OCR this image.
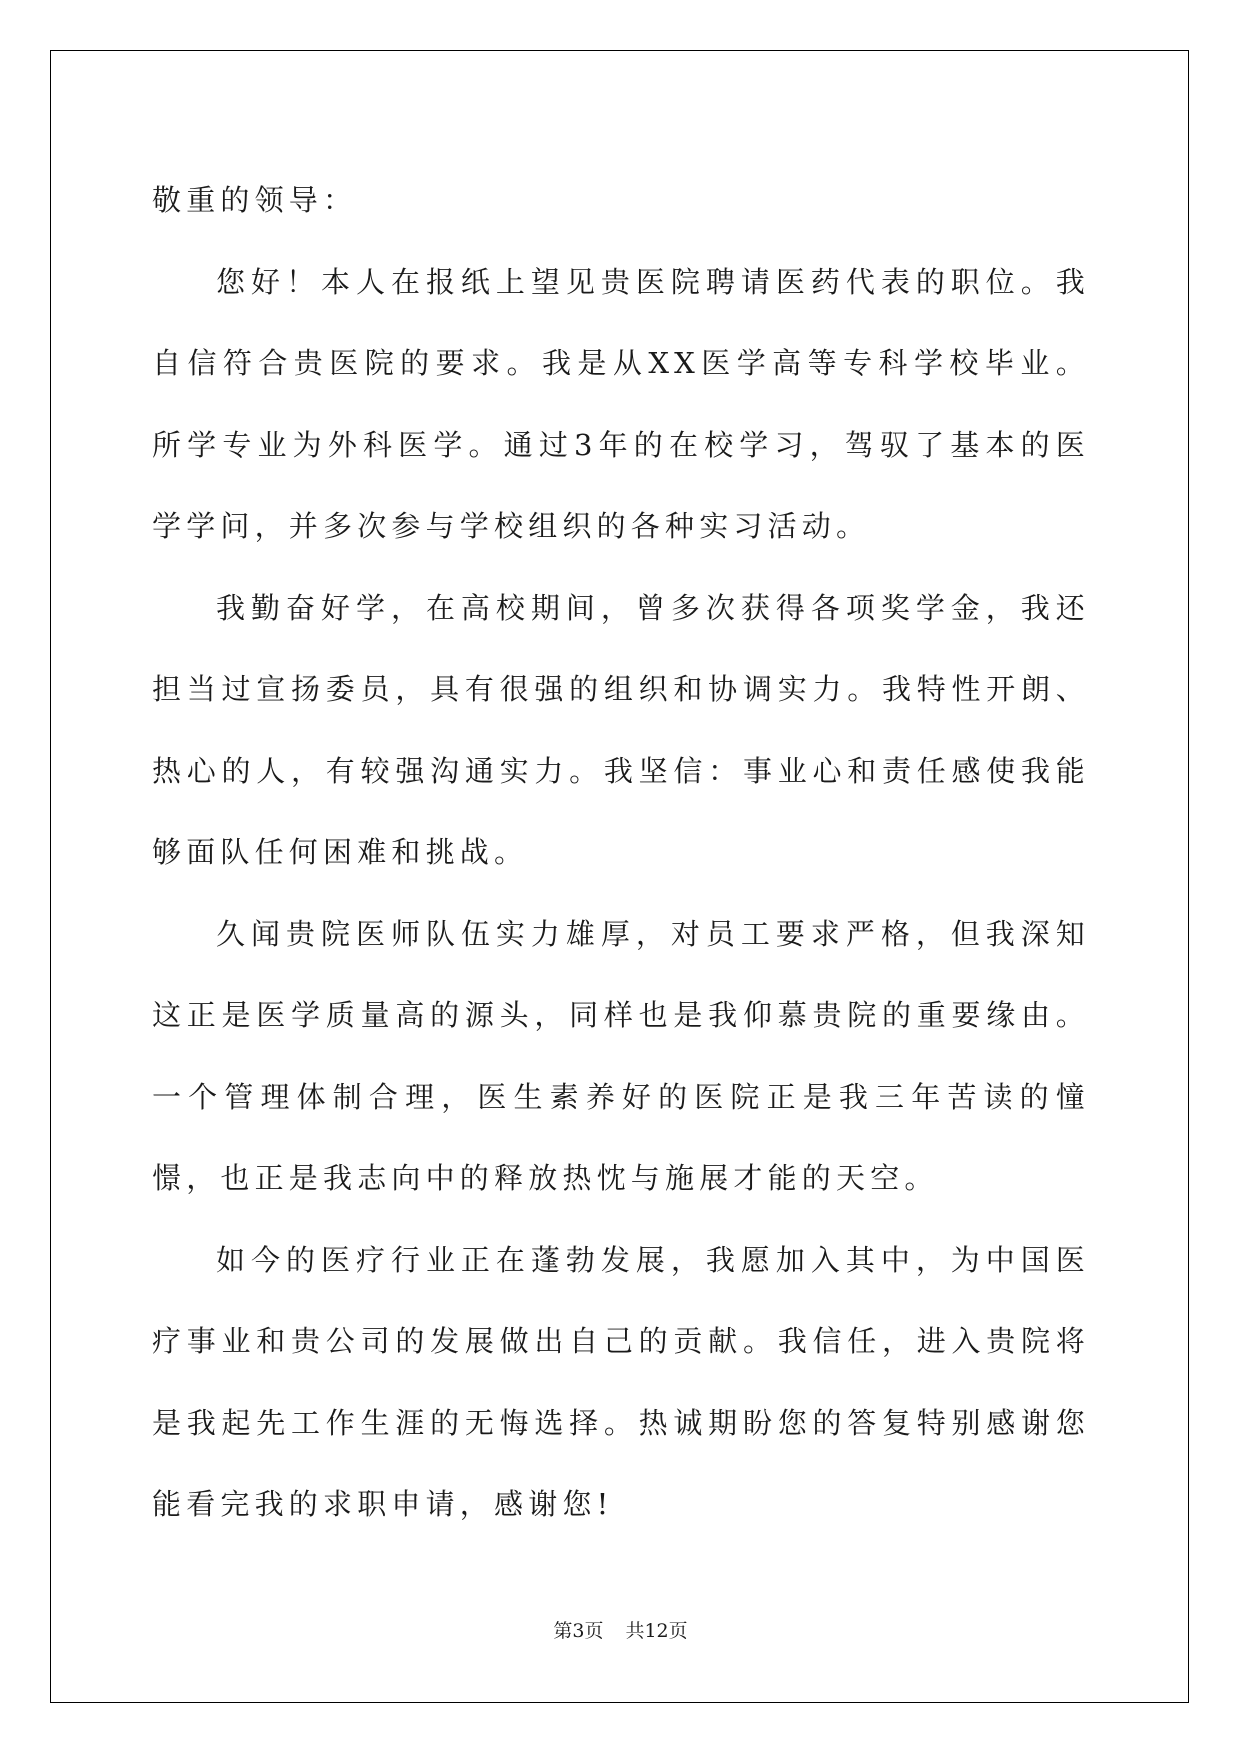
敬重的领导：

您好！本人在报纸上望见贵医院聘请医药代表的职位。我自信符合贵医院的要求。我是从XX医学高等专科学校毕业。所学专业为外科医学。通过3年的在校学习，驾驭了基本的医学学问，并多次参与学校组织的各种实习活动。

我勤奋好学，在高校期间，曾多次获得各项奖学金，我还担当过宣扬委员，具有很强的组织和协调实力。我特性开朗、热心的人，有较强沟通实力。我坚信：事业心和责任感使我能够面队任何困难和挑战。

久闻贵院医师队伍实力雄厚，对员工要求严格，但我深知这正是医学质量高的源头，同样也是我仰慕贵院的重要缘由。一个管理体制合理，医生素养好的医院正是我三年苦读的憧憬，也正是我志向中的释放热忱与施展才能的天空。

如今的医疗行业正在蓬勃发展，我愿加入其中，为中国医疗事业和贵公司的发展做出自己的贡献。我信任，进入贵院将是我起先工作生涯的无悔选择。热诚期盼您的答复特别感谢您能看完我的求职申请，感谢您!

第3页 共12页
